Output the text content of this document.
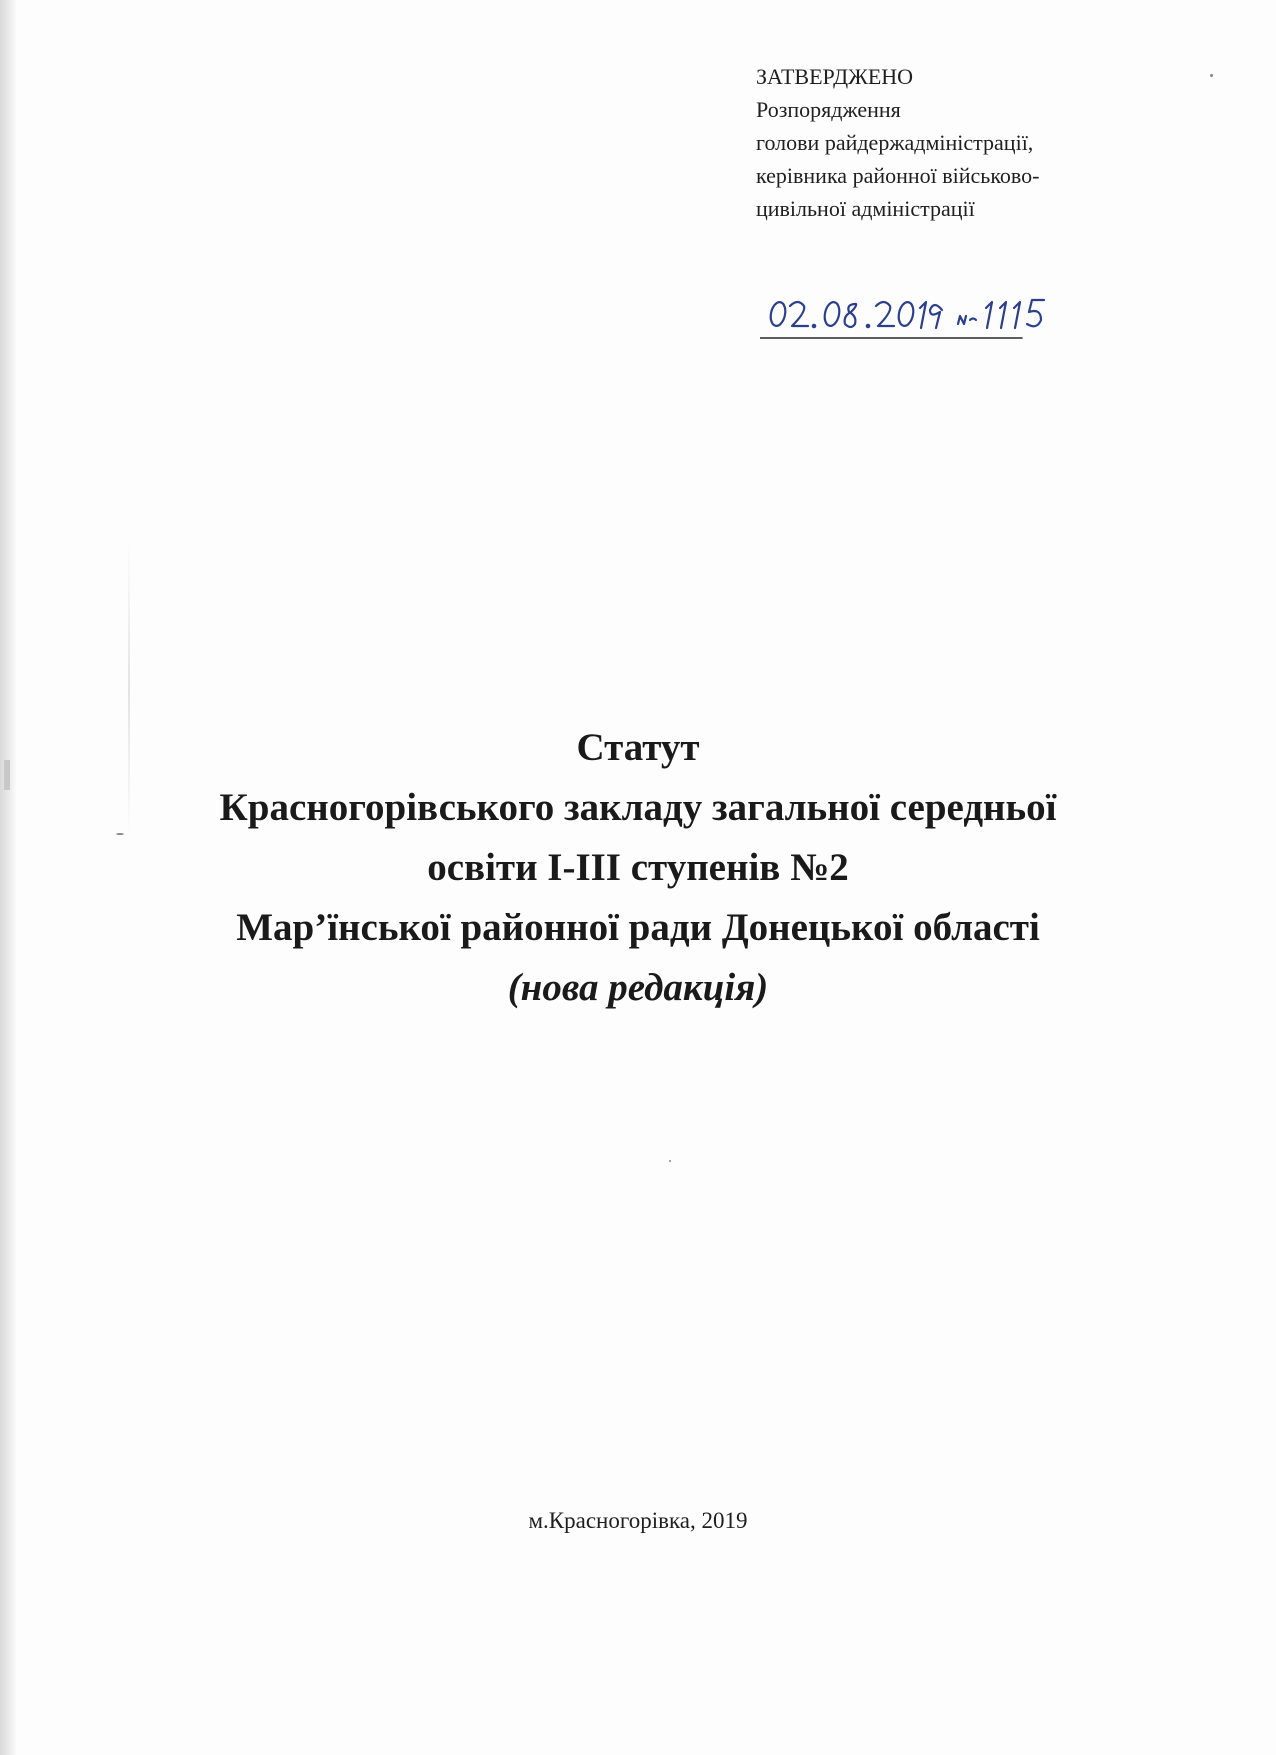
ЗАТВЕРДЖЕНО
Розпорядження
голови райдержадміністрації,
керівника районної військово-
цивільної адміністрації
Статут
Красногорівського закладу загальної середньої
освіти І-ІІІ ступенів №2
Мар’їнської районної ради Донецької області
(нова редакція)
м.Красногорівка, 2019
